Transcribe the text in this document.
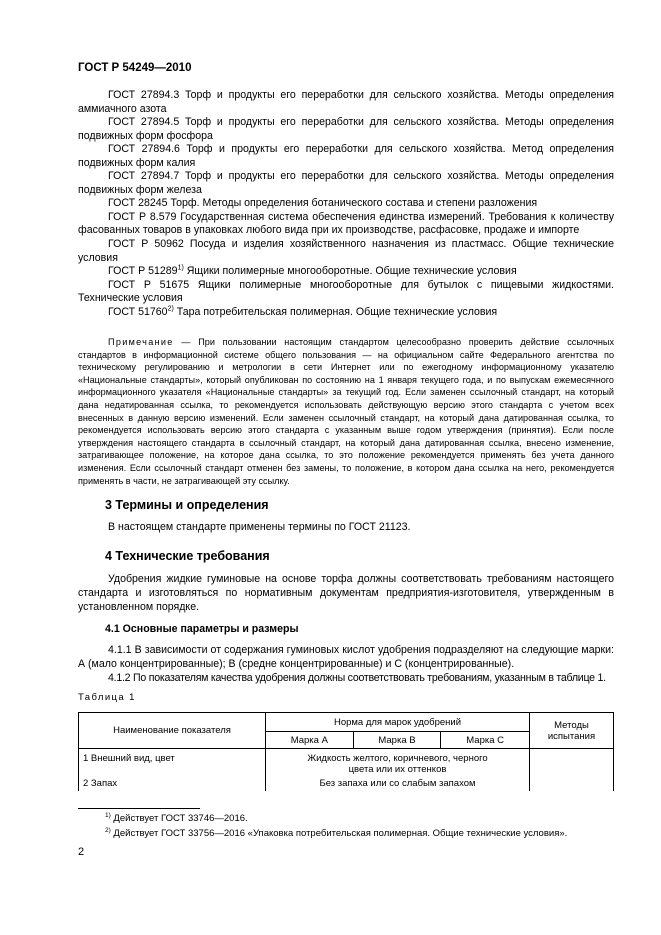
ГОСТ Р 54249—2010

ГОСТ 27894.3 Торф и продукты его переработки для сельского хозяйства. Методы определения аммиачного азота

ГОСТ 27894.5 Торф и продукты его переработки для сельского хозяйства. Методы определения подвижных форм фосфора

ГОСТ 27894.6 Торф и продукты его переработки для сельского хозяйства. Метод определения подвижных форм калия

ГОСТ 27894.7 Торф и продукты его переработки для сельского хозяйства. Методы определения подвижных форм железа

ГОСТ 28245 Торф. Методы определения ботанического состава и степени разложения

ГОСТ Р 8.579 Государственная система обеспечения единства измерений. Требования к количеству фасованных товаров в упаковках любого вида при их производстве, расфасовке, продаже и импорте

ГОСТ Р 50962 Посуда и изделия хозяйственного назначения из пластмасс. Общие технические условия

ГОСТ Р 51289$^{1)}$ Ящики полимерные многооборотные. Общие технические условия

ГОСТ Р 51675 Ящики полимерные многооборотные для бутылок с пищевыми жидкостями. Технические условия

ГОСТ 51760$^{2)}$ Тара потребительская полимерная. Общие технические условия

Примечание — При пользовании настоящим стандартом целесообразно проверить действие ссылочных стандартов в информационной системе общего пользования — на официальном сайте Федерального агентства по техническому регулированию и метрологии в сети Интернет или по ежегодному информационному указателю «Национальные стандарты», который опубликован по состоянию на 1 января текущего года, и по выпускам ежемесячного информационного указателя «Национальные стандарты» за текущий год. Если заменен ссылочный стандарт, на который дана недатированная ссылка, то рекомендуется использовать действующую версию этого стандарта с учетом всех внесенных в данную версию изменений. Если заменен ссылочный стандарт, на который дана датированная ссылка, то рекомендуется использовать версию этого стандарта с указанным выше годом утверждения (принятия). Если после утверждения настоящего стандарта в ссылочный стандарт, на который дана датированная ссылка, внесено изменение, затрагивающее положение, на которое дана ссылка, то это положение рекомендуется применять без учета данного изменения. Если ссылочный стандарт отменен без замены, то положение, в котором дана ссылка на него, рекомендуется применять в части, не затрагивающей эту ссылку.
3 Термины и определения

В настоящем стандарте применены термины по ГОСТ 21123.

4 Технические требования

Удобрения жидкие гуминовые на основе торфа должны соответствовать требованиям настоящего стандарта и изготовляться по нормативным документам предприятия-изготовителя, утвержденным в установленном порядке.

4.1 Основные параметры и размеры

4.1.1 В зависимости от содержания гуминовых кислот удобрения подразделяют на следующие марки: А (мало концентрированные); В (средне концентрированные) и С (концентрированные).

4.1.2 По показателям качества удобрения должны соответствовать требованиям, указанным в таблице 1.

Таблица 1
Наименование показателя	Норма для марок удобрений			Методы испытания
	Марка А	Марка В	Марка С	
1 Внешний вид, цвет	Жидкость желтого, коричневого, черного цвета или их оттенков			
2 Запах	Без запаха или со слабым запахом			
$^{1)}$ Действует ГОСТ 33746—2016.
$^{2)}$ Действует ГОСТ 33756—2016 «Упаковка потребительская полимерная. Общие технические условия».
2
